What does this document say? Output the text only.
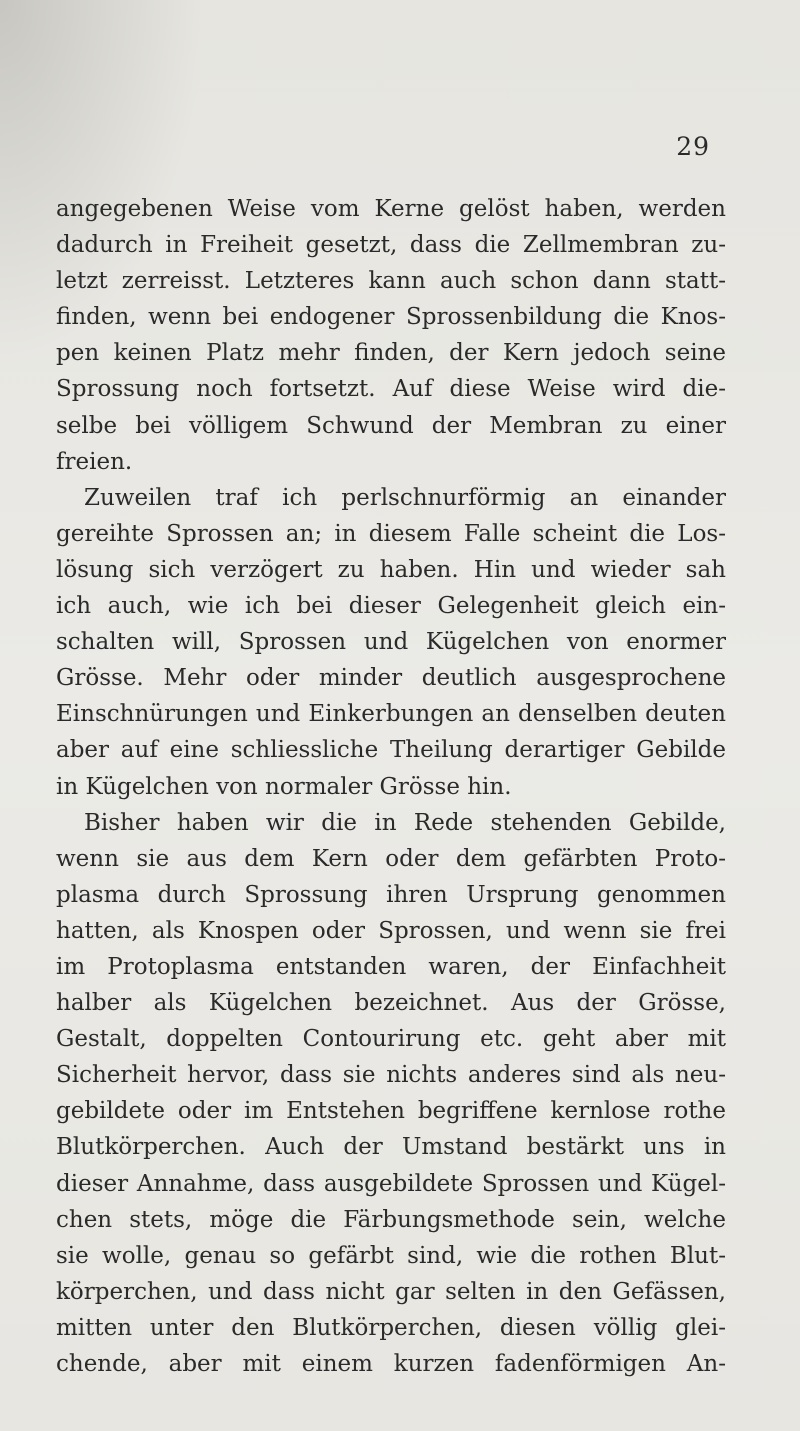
29
angegebenen Weise vom Kerne gelöst haben, werden
dadurch in Freiheit gesetzt, dass die Zellmembran zu-
letzt zerreisst. Letzteres kann auch schon dann statt-
finden, wenn bei endogener Sprossenbildung die Knos-
pen keinen Platz mehr finden, der Kern jedoch seine
Sprossung noch fortsetzt. Auf diese Weise wird die-
selbe bei völligem Schwund der Membran zu einer
freien.
Zuweilen traf ich perlschnurförmig an einander
gereihte Sprossen an; in diesem Falle scheint die Los-
lösung sich verzögert zu haben. Hin und wieder sah
ich auch, wie ich bei dieser Gelegenheit gleich ein-
schalten will, Sprossen und Kügelchen von enormer
Grösse. Mehr oder minder deutlich ausgesprochene
Einschnürungen und Einkerbungen an denselben deuten
aber auf eine schliessliche Theilung derartiger Gebilde
in Kügelchen von normaler Grösse hin.
Bisher haben wir die in Rede stehenden Gebilde,
wenn sie aus dem Kern oder dem gefärbten Proto-
plasma durch Sprossung ihren Ursprung genommen
hatten, als Knospen oder Sprossen, und wenn sie frei
im Protoplasma entstanden waren, der Einfachheit
halber als Kügelchen bezeichnet. Aus der Grösse,
Gestalt, doppelten Contourirung etc. geht aber mit
Sicherheit hervor, dass sie nichts anderes sind als neu-
gebildete oder im Entstehen begriffene kernlose rothe
Blutkörperchen. Auch der Umstand bestärkt uns in
dieser Annahme, dass ausgebildete Sprossen und Kügel-
chen stets, möge die Färbungsmethode sein, welche
sie wolle, genau so gefärbt sind, wie die rothen Blut-
körperchen, und dass nicht gar selten in den Gefässen,
mitten unter den Blutkörperchen, diesen völlig glei-
chende, aber mit einem kurzen fadenförmigen An-
